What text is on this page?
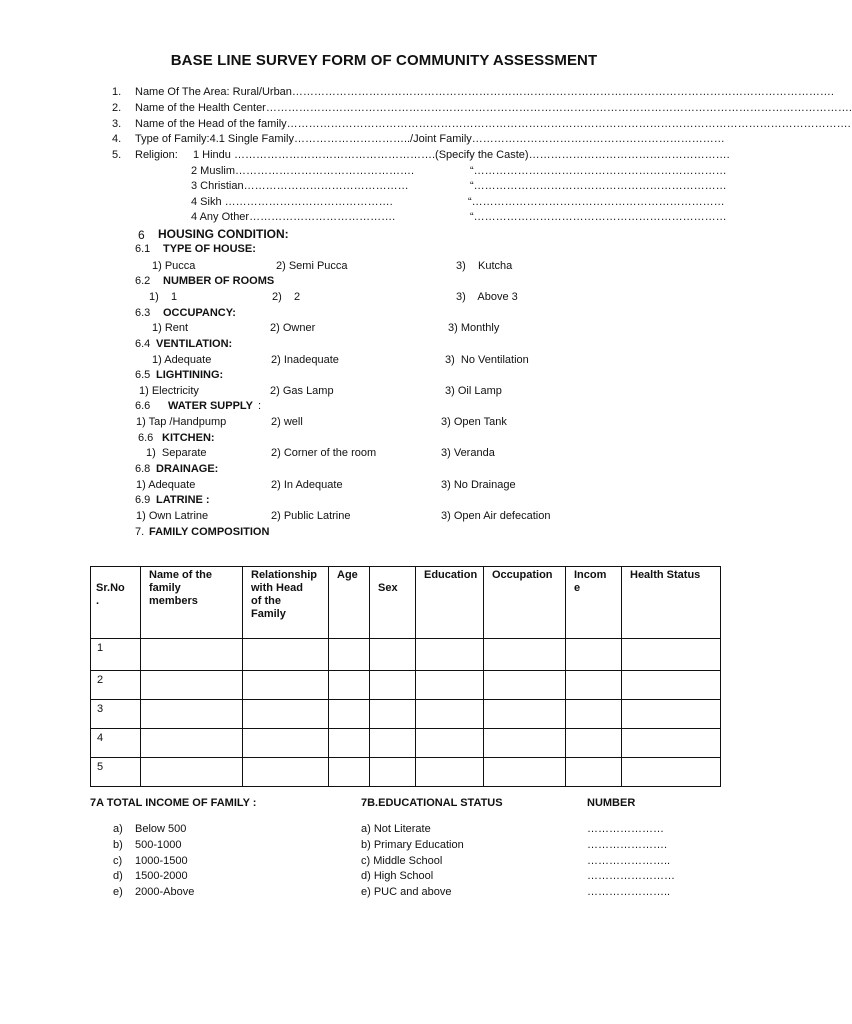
BASE LINE SURVEY FORM OF COMMUNITY ASSESSMENT
1. Name Of The Area: Rural/Urban………………………………………………………………………………………………………………………………….
2. Name of the Health Center…………………………………………………………………………………………………………………………………………….
3. Name of the Head of the family……………………………………………………………………………………………………………………………………….
4. Type of Family:4.1 Single Family…………………………../Joint Family……………………………………………………………
5. Religion: 1 Hindu ……………………………………………….(Specify the Caste)……………………………………………….
2 Muslim………………………………………….	“……………………………………………………………
3 Christian………………………………………	“……………………………………………………………
4 Sikh ……………………………………….	“……………………………………………………………
4 Any Other………………………………….	“……………………………………………………………
6 HOUSING CONDITION:
6.1 TYPE OF HOUSE:
1) Pucca	2) Semi Pucca	3)    Kutcha
6.2 NUMBER OF ROOMS
1)    1	2)    2	3)    Above 3
6.3 OCCUPANCY:
1) Rent	2) Owner	3) Monthly
6.4 VENTILATION:
1) Adequate	2) Inadequate	3)  No Ventilation
6.5 LIGHTINING:
1) Electricity	2) Gas Lamp	3) Oil Lamp
6.6 WATER SUPPLY :
1) Tap /Handpump	2) well	3) Open Tank
6.6 KITCHEN:
1)  Separate	2) Corner of the room	3) Veranda
6.8 DRAINAGE:
1) Adequate	2) In Adequate	3) No Drainage
6.9 LATRINE :
1) Own Latrine	2) Public Latrine	3) Open Air defecation
7. FAMILY COMPOSITION
Sr.No
.	Name of the
family
members	Relationship
with Head
of the
Family	Age	Sex	Education	Occupation	Incom
e	Health Status
1								
2								
3								
4								
5								
7A TOTAL INCOME OF FAMILY :
a) Below 500
b) 500-1000
c) 1000-1500
d) 1500-2000
e) 2000-Above
7B.EDUCATIONAL STATUS	NUMBER
a) Not Literate	…………………
b) Primary Education	………………….
c) Middle School	…………………..
d) High School	……………………
e) PUC and above	…………………..
